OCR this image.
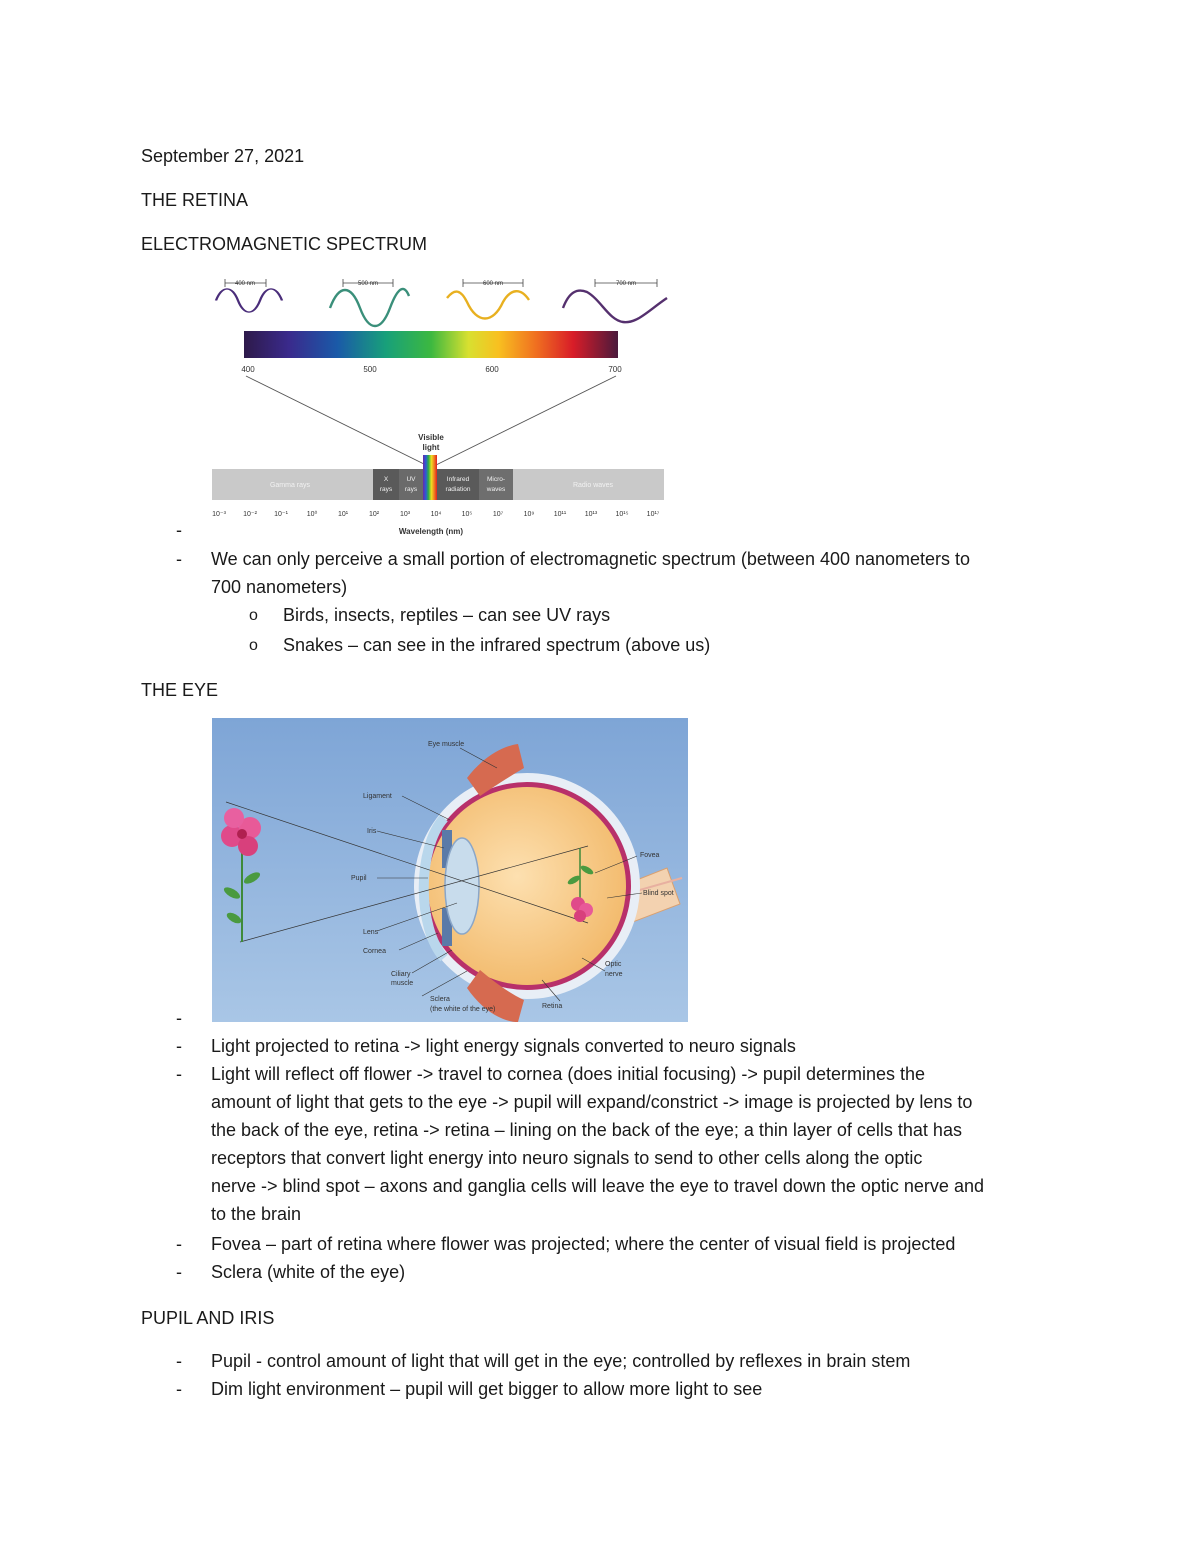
September 27, 2021
THE RETINA
ELECTROMAGNETIC SPECTRUM
400 nm	500 nm	600 nm	700 nm
400	500	600	700
Visible
light
Gamma rays
X
rays
UV
rays
Infrared
radiation
Micro-
waves
Radio waves
10⁻³ 10⁻² 10⁻¹	10⁰	10¹	10²	10³	10⁴	10⁵	10⁷	10⁹	10¹¹	10¹³	10¹⁵	10¹⁷
Wavelength (nm)
-
- We can only perceive a small portion of electromagnetic spectrum (between 400 nanometers to
700 nanometers)
o Birds, insects, reptiles – can see UV rays
o Snakes – can see in the infrared spectrum (above us)
THE EYE
Eye muscle
Ligament
Iris
Pupil
Lens
Cornea
Ciliary
muscle
Sclera
(the white of the eye)	Retina
Optic
nerve
Fovea
Blind spot
-
- Light projected to retina -> light energy signals converted to neuro signals
- Light will reflect off flower -> travel to cornea (does initial focusing) -> pupil determines the
amount of light that gets to the eye -> pupil will expand/constrict -> image is projected by lens to
the back of the eye, retina -> retina – lining on the back of the eye; a thin layer of cells that has
receptors that convert light energy into neuro signals to send to other cells along the optic
nerve -> blind spot – axons and ganglia cells will leave the eye to travel down the optic nerve and
to the brain
- Fovea – part of retina where flower was projected; where the center of visual field is projected
- Sclera (white of the eye)
PUPIL AND IRIS
- Pupil - control amount of light that will get in the eye; controlled by reflexes in brain stem
- Dim light environment – pupil will get bigger to allow more light to see
